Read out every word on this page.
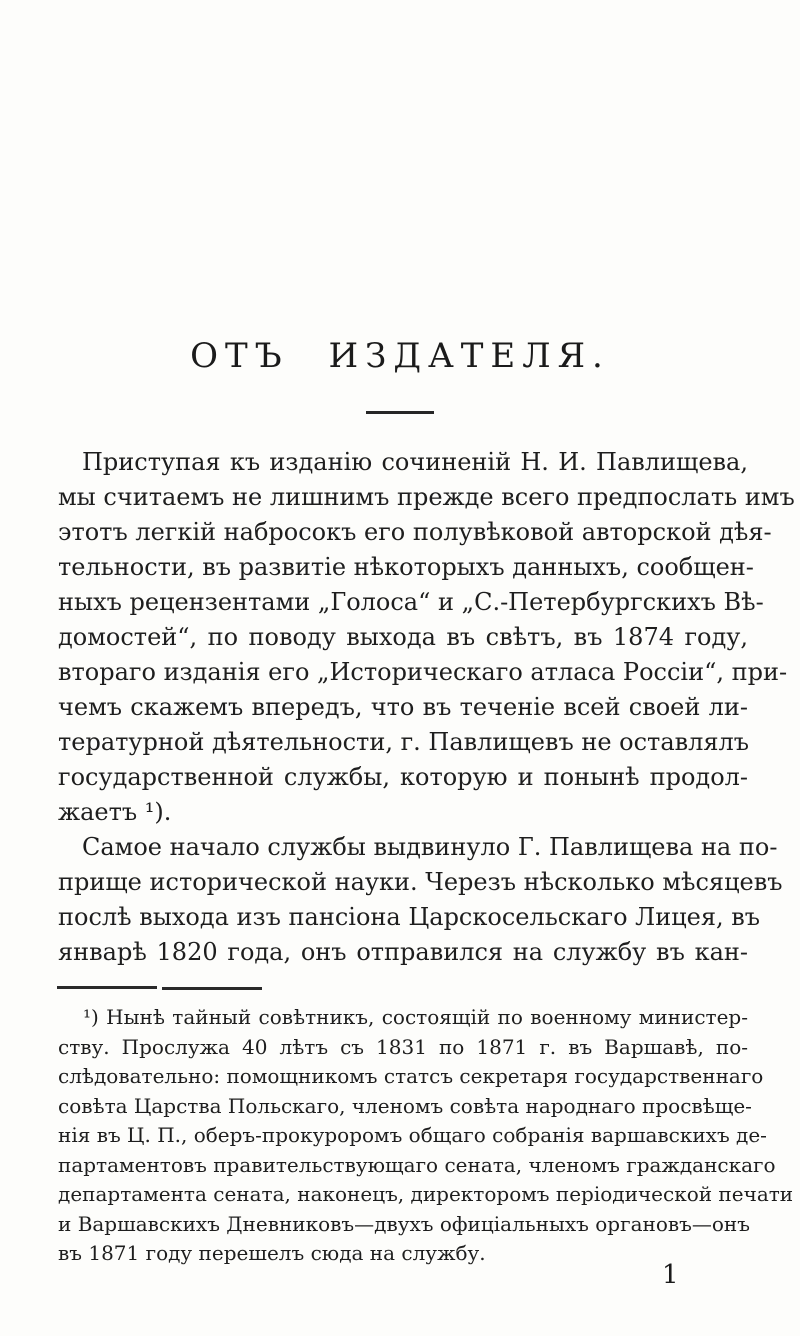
ОТЪ ИЗДАТЕЛЯ.
Приступая къ изданію сочиненій Н. И. Павлищева,
мы считаемъ не лишнимъ прежде всего предпослать имъ
этотъ легкій набросокъ его полувѣковой авторской дѣя-
тельности, въ развитіе нѣкоторыхъ данныхъ, сообщен-
ныхъ рецензентами „Голоса“ и „С.-Петербургскихъ Вѣ-
домостей“, по поводу выхода въ свѣтъ, въ 1874 году,
втораго изданія его „Историческаго атласа Россіи“, при-
чемъ скажемъ впередъ, что въ теченіе всей своей ли-
тературной дѣятельности, г. Павлищевъ не оставлялъ
государственной службы, которую и понынѣ продол-
жаетъ ¹).
Самое начало службы выдвинуло Г. Павлищева на по-
прище исторической науки. Черезъ нѣсколько мѣсяцевъ
послѣ выхода изъ пансіона Царскосельскаго Лицея, въ
январѣ 1820 года, онъ отправился на службу въ кан-
¹) Нынѣ тайный совѣтникъ, состоящій по военному министер-
ству. Прослужа 40 лѣтъ съ 1831 по 1871 г. въ Варшавѣ, по-
слѣдовательно: помощникомъ статсъ секретаря государственнаго
совѣта Царства Польскаго, членомъ совѣта народнаго просвѣще-
нія въ Ц. П., оберъ-прокуроромъ общаго собранія варшавскихъ де-
партаментовъ правительствующаго сената, членомъ гражданскаго
департамента сената, наконецъ, директоромъ періодической печати
и Варшавскихъ Дневниковъ—двухъ офиціальныхъ органовъ—онъ
въ 1871 году перешелъ сюда на службу.
1
